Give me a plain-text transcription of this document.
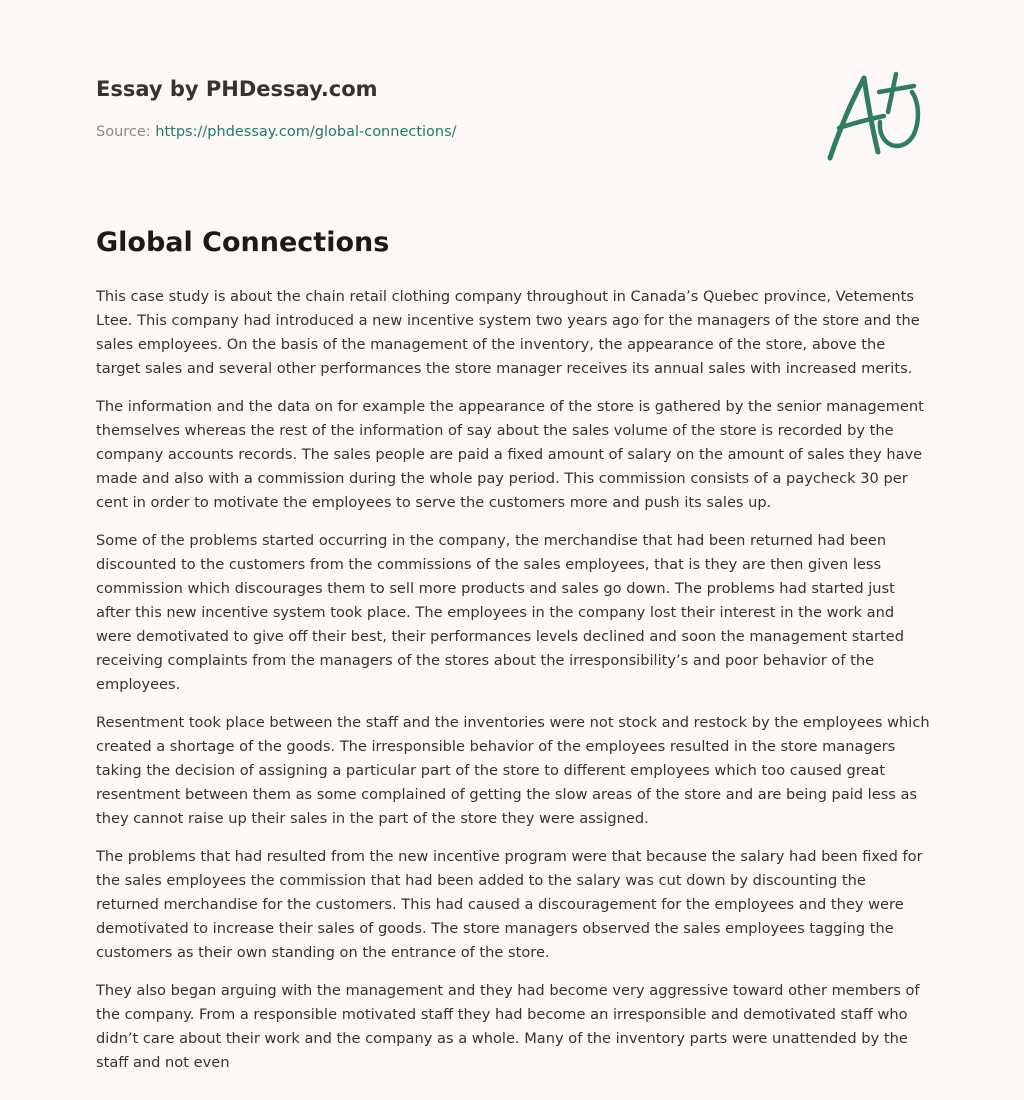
Essay by PHDessay.com
Source: https://phdessay.com/global-connections/
Global Connections

This case study is about the chain retail clothing company throughout in Canada’s Quebec province, Vetements Ltee. This company had introduced a new incentive system two years ago for the managers of the store and the sales employees. On the basis of the management of the inventory, the appearance of the store, above the target sales and several other performances the store manager receives its annual sales with increased merits.

The information and the data on for example the appearance of the store is gathered by the senior management themselves whereas the rest of the information of say about the sales volume of the store is recorded by the company accounts records. The sales people are paid a fixed amount of salary on the amount of sales they have made and also with a commission during the whole pay period. This commission consists of a paycheck 30 per cent in order to motivate the employees to serve the customers more and push its sales up.

Some of the problems started occurring in the company, the merchandise that had been returned had been discounted to the customers from the commissions of the sales employees, that is they are then given less commission which discourages them to sell more products and sales go down. The problems had started just after this new incentive system took place. The employees in the company lost their interest in the work and were demotivated to give off their best, their performances levels declined and soon the management started receiving complaints from the managers of the stores about the irresponsibility’s and poor behavior of the employees.

Resentment took place between the staff and the inventories were not stock and restock by the employees which created a shortage of the goods. The irresponsible behavior of the employees resulted in the store managers taking the decision of assigning a particular part of the store to different employees which too caused great resentment between them as some complained of getting the slow areas of the store and are being paid less as they cannot raise up their sales in the part of the store they were assigned.

The problems that had resulted from the new incentive program were that because the salary had been fixed for the sales employees the commission that had been added to the salary was cut down by discounting the returned merchandise for the customers. This had caused a discouragement for the employees and they were demotivated to increase their sales of goods. The store managers observed the sales employees tagging the customers as their own standing on the entrance of the store.

They also began arguing with the management and they had become very aggressive toward other members of the company. From a responsible motivated staff they had become an irresponsible and demotivated staff who didn’t care about their work and the company as a whole. Many of the inventory parts were unattended by the staff and not even
